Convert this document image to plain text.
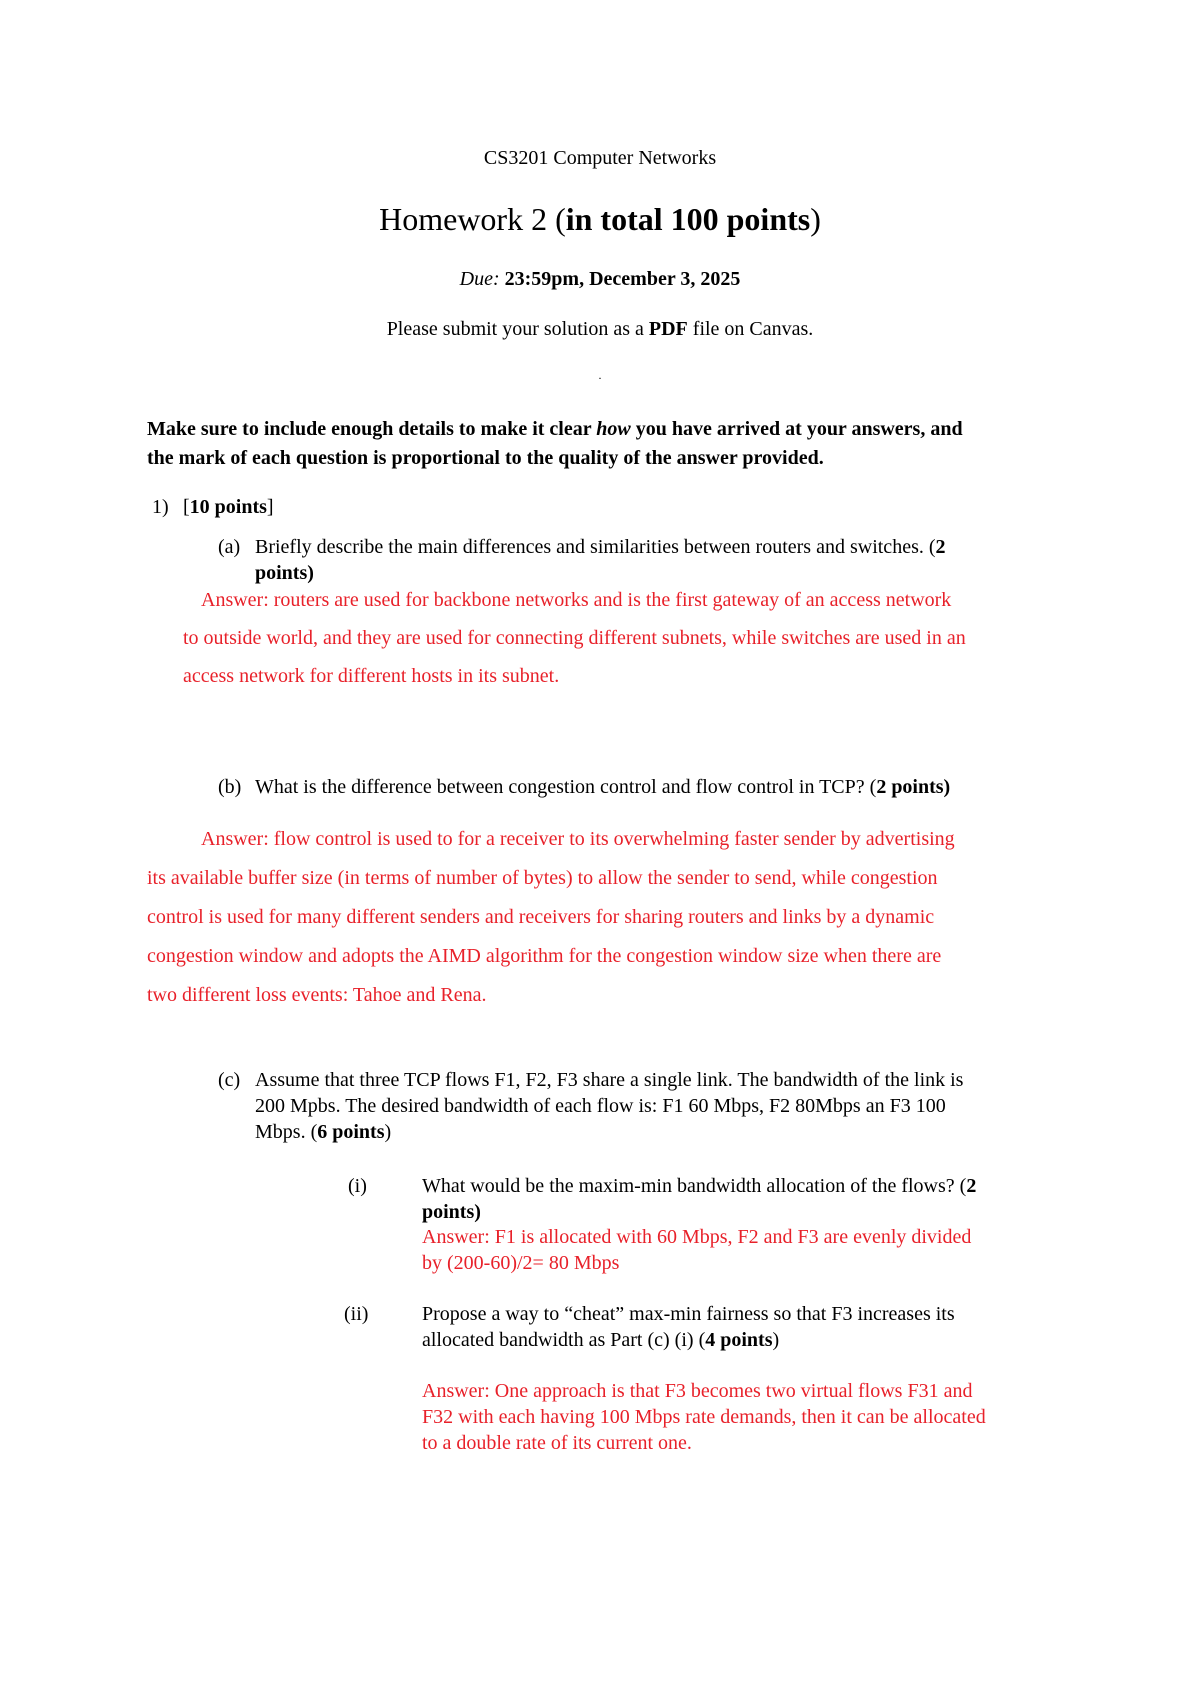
CS3201 Computer Networks
Homework 2 (in total 100 points)
Due: 23:59pm, December 3, 2025
Please submit your solution as a PDF file on Canvas.
.
Make sure to include enough details to make it clear how you have arrived at your answers, and
the mark of each question is proportional to the quality of the answer provided.
1) [10 points]
(a) Briefly describe the main differences and similarities between routers and switches. (2
points)
Answer: routers are used for backbone networks and is the first gateway of an access network
to outside world, and they are used for connecting different subnets, while switches are used in an
access network for different hosts in its subnet.
(b) What is the difference between congestion control and flow control in TCP? (2 points)
Answer: flow control is used to for a receiver to its overwhelming faster sender by advertising
its available buffer size (in terms of number of bytes) to allow the sender to send, while congestion
control is used for many different senders and receivers for sharing routers and links by a dynamic
congestion window and adopts the AIMD algorithm for the congestion window size when there are
two different loss events: Tahoe and Rena.
(c) Assume that three TCP flows F1, F2, F3 share a single link. The bandwidth of the link is
200 Mpbs. The desired bandwidth of each flow is: F1 60 Mbps, F2 80Mbps an F3 100
Mbps. (6 points)
(i)	What would be the maxim-min bandwidth allocation of the flows? (2
points)
Answer: F1 is allocated with 60 Mbps, F2 and F3 are evenly divided
by (200-60)/2= 80 Mbps
(ii)	Propose a way to “cheat” max-min fairness so that F3 increases its
allocated bandwidth as Part (c) (i) (4 points)
Answer: One approach is that F3 becomes two virtual flows F31 and
F32 with each having 100 Mbps rate demands, then it can be allocated
to a double rate of its current one.
